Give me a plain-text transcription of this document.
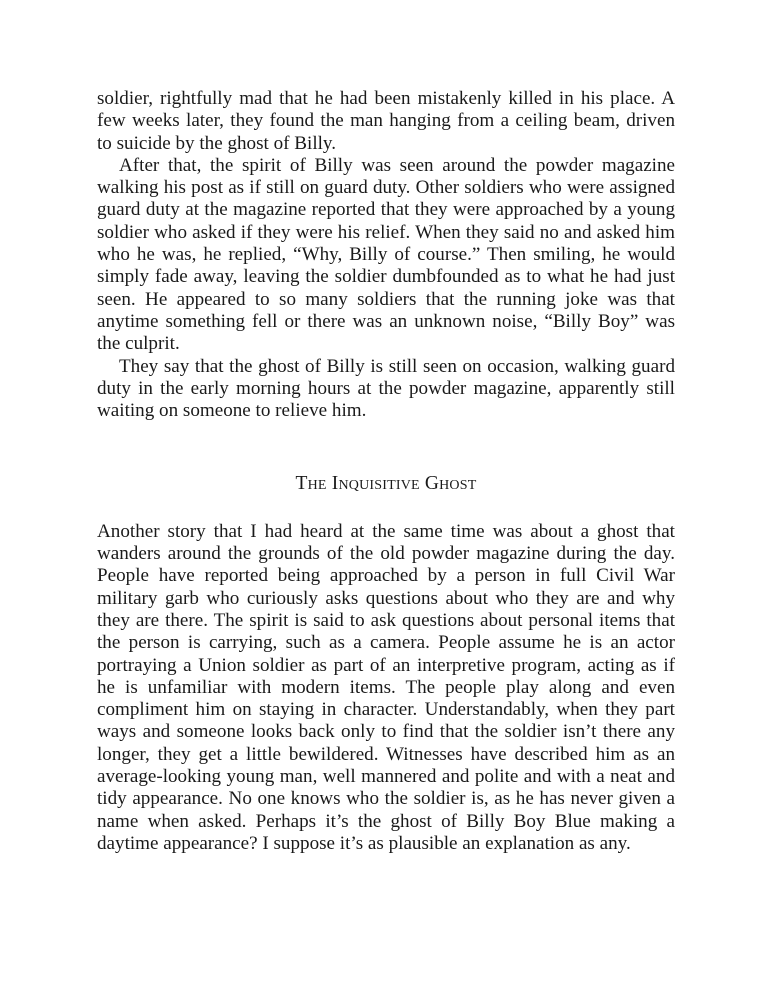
soldier, rightfully mad that he had been mistakenly killed in his place. A few weeks later, they found the man hanging from a ceiling beam, driven to suicide by the ghost of Billy.

After that, the spirit of Billy was seen around the powder magazine walking his post as if still on guard duty. Other soldiers who were assigned guard duty at the magazine reported that they were approached by a young soldier who asked if they were his relief. When they said no and asked him who he was, he replied, “Why, Billy of course.” Then smiling, he would simply fade away, leaving the soldier dumbfounded as to what he had just seen. He appeared to so many soldiers that the running joke was that anytime something fell or there was an unknown noise, “Billy Boy” was the culprit.

They say that the ghost of Billy is still seen on occasion, walking guard duty in the early morning hours at the powder magazine, apparently still waiting on someone to relieve him.

The Inquisitive Ghost

Another story that I had heard at the same time was about a ghost that wanders around the grounds of the old powder magazine during the day. People have reported being approached by a person in full Civil War military garb who curiously asks questions about who they are and why they are there. The spirit is said to ask questions about personal items that the person is carrying, such as a camera. People assume he is an actor portraying a Union soldier as part of an interpretive program, acting as if he is unfamiliar with modern items. The people play along and even compliment him on staying in character. Understandably, when they part ways and someone looks back only to find that the soldier isn’t there any longer, they get a little bewildered. Witnesses have described him as an average-looking young man, well mannered and polite and with a neat and tidy appearance. No one knows who the soldier is, as he has never given a name when asked. Perhaps it’s the ghost of Billy Boy Blue making a daytime appearance? I suppose it’s as plausible an explanation as any.
